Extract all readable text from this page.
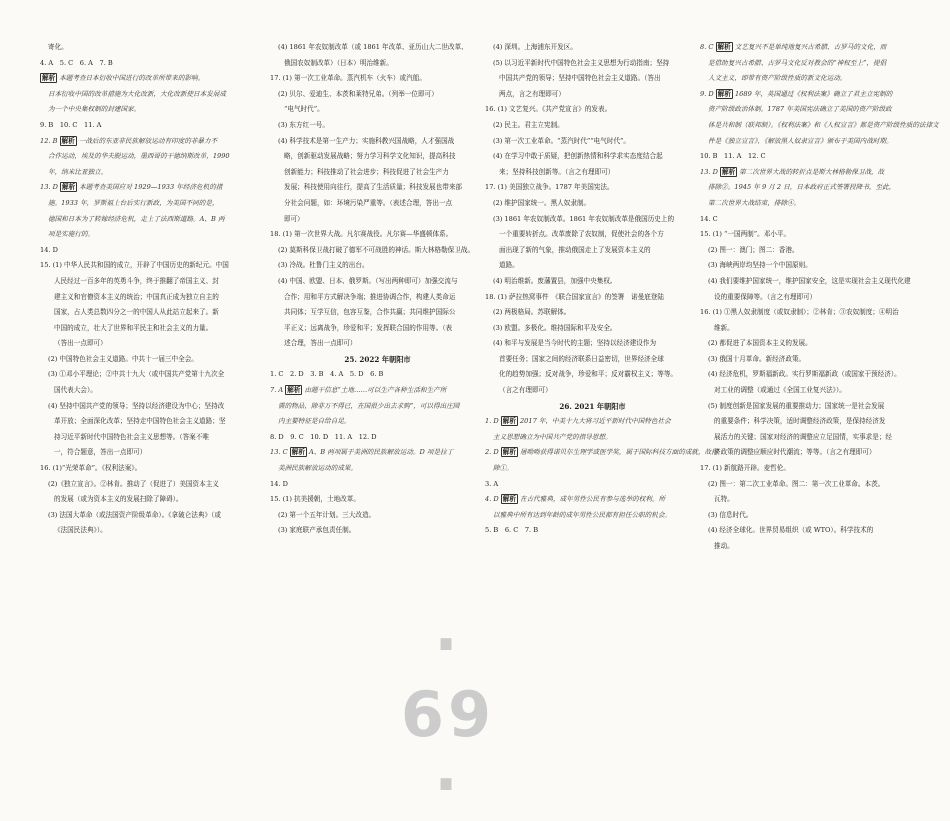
寄化。
4. A　5. C　6. A　7. B
解析 本题考查日本衍收中国进行的改革所带来的影响。
日本衍收中国的改革措施为大化改新，大化改新使日本发展成
为一个中央集权制的封建国家。
9. B　10. C　11. A
12. B 解析 一战后的东亚非民族解放运动有印度的非暴力不
合作运动，埃及的华夫脱运动，墨西哥的干德纳斯改革，1990
年，纳米比亚独立。
13. D 解析 本题考查美国应对 1929—1933 年经济危机的措
施。1933 年，罗斯福上台后实行新政，为美国不同的是，
德国和日本为了转嫁经济危机，走上了法西斯道路。A、B 两
项是实施行的。
14. D
15. (1) 中华人民共和国的成立，开辟了中国历史的新纪元。中国
人民经过一百多年的英勇斗争，终于推翻了帝国主义、封
建主义和官僚资本主义的统治；中国真正成为独立自主的
国家，占人类总数四分之一的中国人从此站立起来了。新
中国的成立，壮大了世界和平民主和社会主义的力量。
（答出一点即可）
(2) 中国特色社会主义道路。中共十一届三中全会。
(3) ①邓小平理论；②中共十九大（或中国共产党第十九次全
国代表大会）。
(4) 坚持中国共产党的领导；坚持以经济建设为中心；坚持改
革开放；全面深化改革；坚持走中国特色社会主义道路；坚
持习近平新时代中国特色社会主义思想等。（答案不唯
一，符合题意，答出一点即可）
16. (1)“光荣革命”。《权利法案》。
(2)《独立宣言》。②林肯。推动了（促进了）美国资本主义
的发展（或为资本主义的发展扫除了障碍）。
(3) 法国大革命（或法国资产阶级革命）。《拿破仑法典》（或
《法国民法典》）。
(4) 1861 年农奴制改革（或 1861 年改革、亚历山大二世改革、
俄国农奴制改革）（日本）明治维新。
17. (1) 第一次工业革命。蒸汽机车（火车）或汽船。
(2) 贝尔、爱迪生、本茨和莱特兄弟。（列举一位即可）
“电气时代”。
(3) 东方红一号。
(4) 科学技术是第一生产力；实施科教兴国战略，人才强国战
略，创新驱动发展战略；努力学习科学文化知识，提高科技
创新能力；科技推动了社会进步；科技促进了社会生产力
发展；科技使用向往行，提高了生活质量；科技发展也带来部
分社会问题，如：环境污染严重等。（表述合理，答出一点
即可）
18. (1) 第一次世界大战。凡尔赛战役。凡尔赛—华盛顿体系。
(2) 莫斯科保卫战打破了德军不可战胜的神话。斯大林格勒保卫战。
(3) 冷战。杜鲁门主义的出台。
(4) 中国、欧盟、日本、俄罗斯。（写出两种即可）加强交流与
合作；用和平方式解决争端；推进协调合作，构建人类命运
共同体；互学互信，包容互鉴，合作共赢；共同维护国际公
平正义；远离战争，珍爱和平；发挥联合国的作用等。（表
述合理，答出一点即可）
25. 2022 年朝阳市
1. C　2. D　3. B　4. A　5. D　6. B
7. A 解析 由题干信息“土地……可以生产各种生活和生产所
需的物品，除非万不得已，在国很少出去求购”，可以得出庄园
内主要特征是自给自足。
8. D　9. C　10. D　11. A　12. D
13. C 解析 A、B 两项属于美洲的民族解放运动。D 项是拉丁
美洲民族解放运动的成果。
14. D
15. (1) 抗美援朝，土地改革。
(2) 第一个五年计划。三大改造。
(3) 家庭联产承包责任制。
(4) 深圳。上海浦东开发区。
(5) 以习近平新时代中国特色社会主义思想为行动指南；坚持
中国共产党的领导；坚持中国特色社会主义道路。（答出
两点，言之有理即可）
16. (1) 文艺复兴。《共产党宣言》的发表。
(2) 民主。君主立宪制。
(3) 第一次工业革命。“蒸汽时代”“电气时代”。
(4) 在学习中敢于质疑，把创新热情和科学求实态度结合起
来；坚持科技创新等。（言之有理即可）
17. (1) 美国独立战争。1787 年美国宪法。
(2) 维护国家统一。黑人奴隶制。
(3) 1861 年农奴制改革。1861 年农奴制改革是俄国历史上的
一个重要转折点。改革废除了农奴制，促使社会的各个方
面出现了新的气象，推动俄国走上了发展资本主义的
道路。
(4) 明治维新。废藩置县，加强中央集权。
18. (1) 萨拉热窝事件　《联合国家宣言》的签署　诺曼底登陆
(2) 两极格局。苏联解体。
(3) 欧盟。多极化。维持国际和平及安全。
(4) 和平与发展是当今时代的主题；坚持以经济建设作为
首要任务；国家之间的经济联系日益密切，世界经济全球
化的趋势加强；反对战争，珍爱和平；反对霸权主义；等等。
（言之有理即可）
26. 2021 年朝阳市
1. D 解析 2017 年，中美十九大将习近平新时代中国特色社会
主义思想确立为中国共产党的指导思想。
2. D 解析 屠呦呦获得诺贝尔生理学或医学奖，属于国际科技方面的成就，故排
除①。
3. A
4. D 解析 在古代雅典，成年男性公民有参与选举的权利。所
以雅典中所有达到年龄的成年男性公民都有担任公职的机会。
5. B　6. C　7. B
8. C 解析 文艺复兴不是单纯地复兴古希腊、古罗马的文化，而
是借助复兴古希腊、古罗马文化反对教会的“神权至上”，提倡
人文主义，即带有资产阶级性质的新文化运动。
9. D 解析 1689 年，英国通过《权利法案》确立了君主立宪制的
资产阶级政治体制。1787 年美国宪法确立了美国的资产阶级政
体是共和制（联邦制）。《权利法案》和《人权宣言》都是资产阶级性质的法律文
件是《独立宣言》，《解放黑人奴隶宣言》颁布于美国内战时期。
10. B　11. A　12. C
13. D 解析 第二次世界大战的转折点是斯大林格勒保卫战，故
排除②。1945 年 9 月 2 日，日本政府正式签署投降书，至此，
第二次世界大战结束，排除④。
14. C
15. (1) “一国两制”。邓小平。
(2) 图一：澳门；图二：香港。
(3) 海峡两岸均坚持一个中国原则。
(4) 我们要维护国家统一，维护国家安全，这是实现社会主义现代化建
设的重要保障等。（言之有理即可）
16. (1) ①黑人奴隶制度（或奴隶制）；②林肯；③农奴制度；④明治
维新。
(2) 都促进了本国资本主义的发展。
(3) 俄国十月革命。新经济政策。
(4) 经济危机，罗斯福新政。实行罗斯福新政（或国家干预经济）。
对工业的调整（或通过《全国工业复兴法》）。
(5) 制度创新是国家发展的重要推动力；国家统一是社会发展
的重要条件；科学决策，适时调整经济政策，是保持经济发
展活力的关键；国家对经济的调整应立足国情，实事求是；经
济政策的调整应顺应时代潮流；等等。（言之有理即可）
17. (1) 新航路开辟。麦哲伦。
(2) 图一：第二次工业革命。图二：第一次工业革命。本茨。
瓦特。
(3) 信息时代。
(4) 经济全球化。世界贸易组织（或 WTO）。科学技术的
推动。
· 69 ·
